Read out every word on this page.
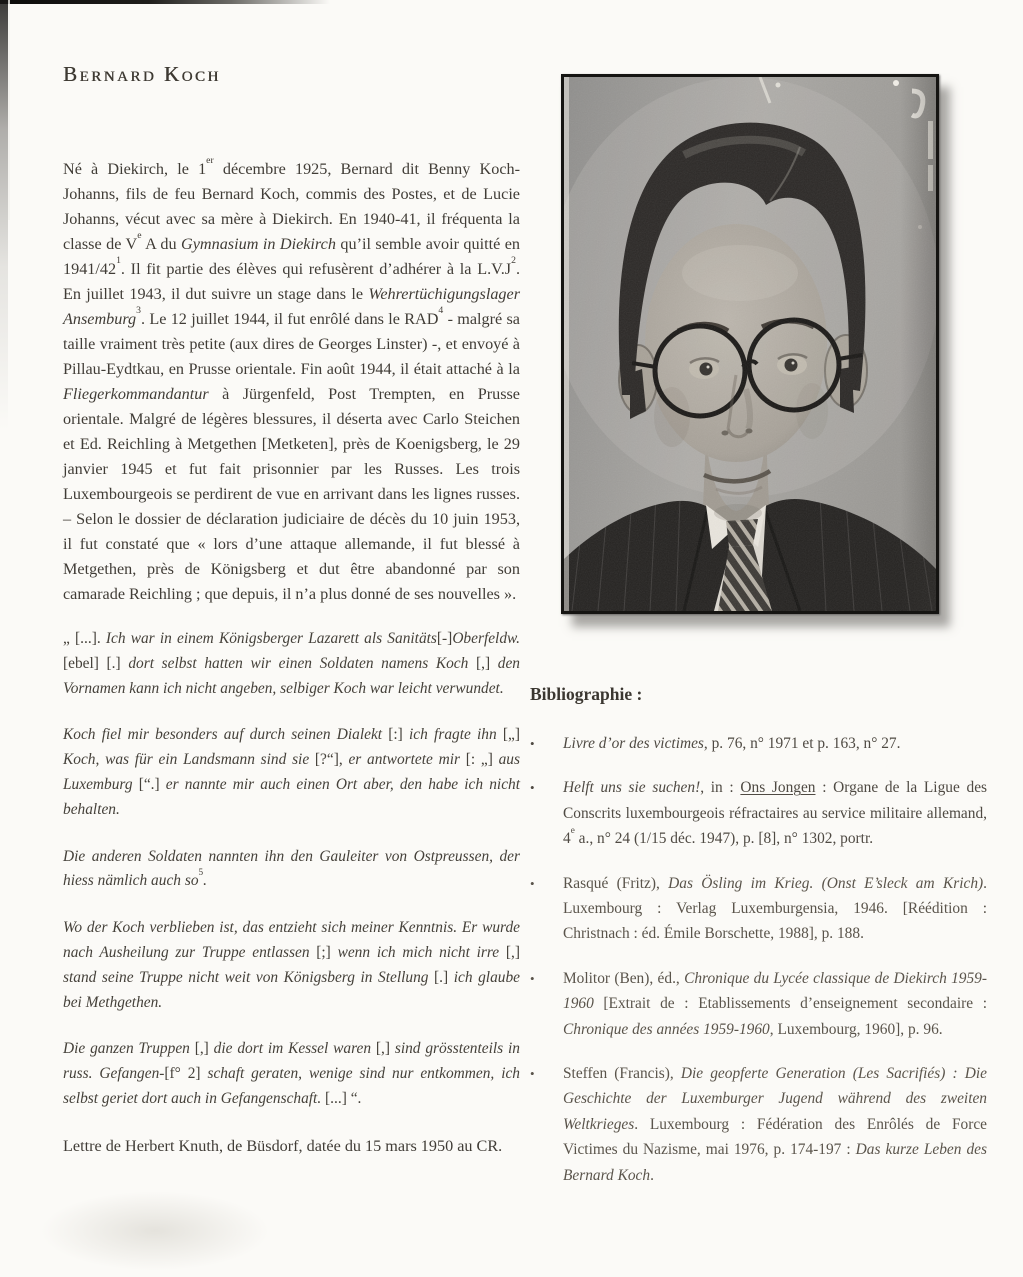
Bernard Koch

Né à Diekirch, le 1er décembre 1925, Bernard dit Benny Koch-Johanns, fils de feu Bernard Koch, commis des Postes, et de Lucie Johanns, vécut avec sa mère à Diekirch. En 1940-41, il fréquenta la classe de Ve A du Gymnasium in Diekirch qu’il semble avoir quitté en $1941/42^1$. Il fit partie des élèves qui refusèrent d’adhérer à la $L.V.J^2$. En juillet 1943, il dut suivre un stage dans le Wehrertüchigungslager Ansemburg$^3$. Le 12 juillet 1944, il fut enrôlé dans le RAD$^4$ - malgré sa taille vraiment très petite (aux dires de Georges Linster) -, et envoyé à Pillau-Eydtkau, en Prusse orientale. Fin août 1944, il était attaché à la Fliegerkommandantur à Jürgenfeld, Post Trempten, en Prusse orientale. Malgré de légères blessures, il déserta avec Carlo Steichen et Ed. Reichling à Metgethen [Metketen], près de Koenigsberg, le 29 janvier 1945 et fut fait prisonnier par les Russes. Les trois Luxembourgeois se perdirent de vue en arrivant dans les lignes russes. – Selon le dossier de déclaration judiciaire de décès du 10 juin 1953, il fut constaté que « lors d’une attaque allemande, il fut blessé à Metgethen, près de Königsberg et dut être abandonné par son camarade Reichling ; que depuis, il n’a plus donné de ses nouvelles ».

„ [...]. Ich war in einem Königsberger Lazarett als Sanitäts[-]Oberfeldw.[ebel] [.] dort selbst hatten wir einen Soldaten namens Koch [,] den Vornamen kann ich nicht angeben, selbiger Koch war leicht verwundet.

Koch fiel mir besonders auf durch seinen Dialekt [:] ich fragte ihn [„] Koch, was für ein Landsmann sind sie [?“], er antwortete mir [: „] aus Luxemburg [“.] er nannte mir auch einen Ort aber, den habe ich nicht behalten.

Die anderen Soldaten nannten ihn den Gauleiter von Ostpreussen, der hiess nämlich auch $so^5$.

Wo der Koch verblieben ist, das entzieht sich meiner Kenntnis. Er wurde nach Ausheilung zur Truppe entlassen [;] wenn ich mich nicht irre [,] stand seine Truppe nicht weit von Königsberg in Stellung [.] ich glaube bei Methgethen.

Die ganzen Truppen [,] die dort im Kessel waren [,] sind grösstenteils in russ. Gefangen-[f° 2] schaft geraten, wenige sind nur entkommen, ich selbst geriet dort auch in Gefangenschaft. [...] “.

Lettre de Herbert Knuth, de Büsdorf, datée du 15 mars 1950 au CR.

Bibliographie :
•	Livre d’or des victimes, p. 76, n° 1971 et p. 163, n° 27.
•	Helft uns sie suchen!, in : Ons Jongen : Organe de la Ligue des Conscrits luxembourgeois réfractaires au service militaire allemand, 4e a., n° 24 (1/15 déc. 1947), p. [8], n° 1302, portr.
•	Rasqué (Fritz), Das Ösling im Krieg. (Onst E’sleck am Krich). Luxembourg : Verlag Luxemburgensia, 1946. [Réédition : Christnach : éd. Émile Borschette, 1988], p. 188.
•	Molitor (Ben), éd., Chronique du Lycée classique de Diekirch 1959-1960 [Extrait de : Etablissements d’enseignement secondaire : Chronique des années 1959-1960, Luxembourg, 1960], p. 96.
•	Steffen (Francis), Die geopferte Generation (Les Sacrifiés) : Die Geschichte der Luxemburger Jugend während des zweiten Weltkrieges. Luxembourg : Fédération des Enrôlés de Force Victimes du Nazisme, mai 1976, p. 174-197 : Das kurze Leben des Bernard Koch.
